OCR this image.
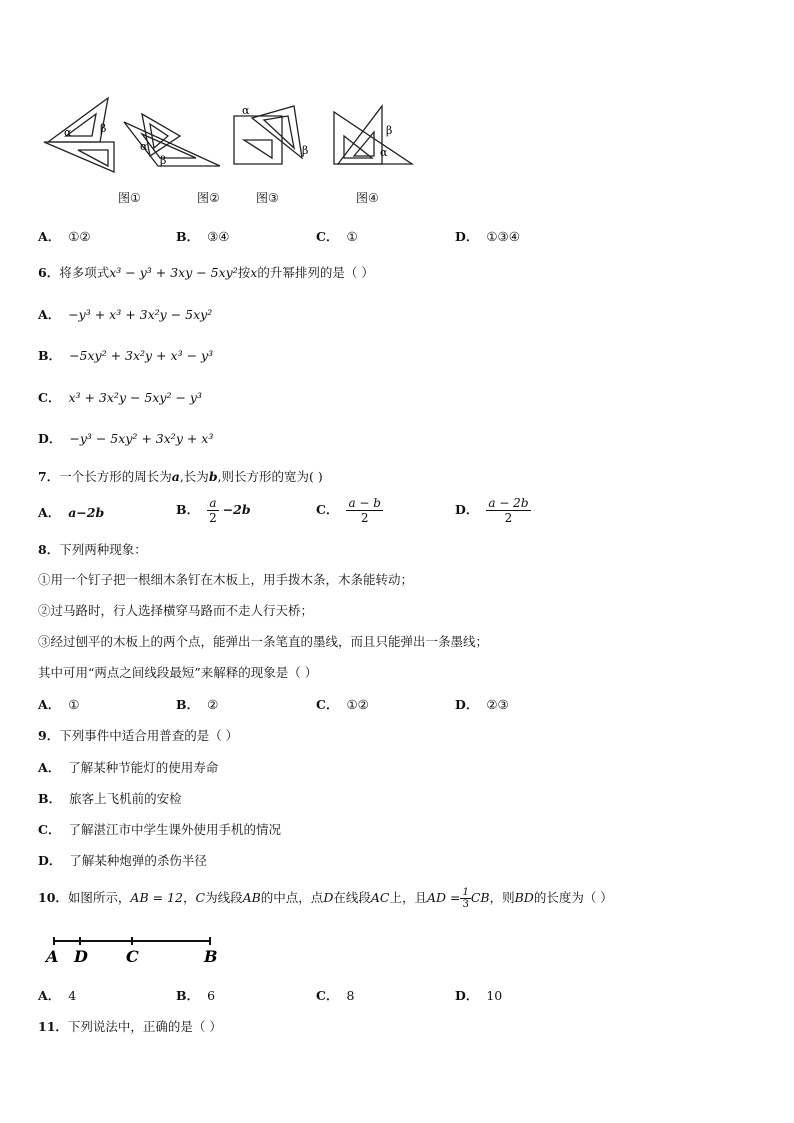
α	β
α
β
α
β
β
α
图①	图②	图③	图④
A． ①②	B． ③④	C． ①	D． ①③④
6．将多项式x³ − y³ + 3xy − 5xy²按x的升幂排列的是（ ）
A． −y³ + x³ + 3x²y − 5xy²
B． −5xy² + 3x²y + x³ − y³
C． x³ + 3x²y − 5xy² − y³
D． −y³ − 5xy² + 3x²y + x³
7．一个长方形的周长为a,长为b,则长方形的宽为( )
A． a−2b	B． $\frac{a}{2} -2b$	C． $\frac{a - b}{2}$	D． $\frac{a - 2b}{2}$
8．下列两种现象：
①用一个钉子把一根细木条钉在木板上，用手拨木条，木条能转动；
②过马路时，行人选择横穿马路而不走人行天桥；
③经过刨平的木板上的两个点，能弹出一条笔直的墨线，而且只能弹出一条墨线；
其中可用“两点之间线段最短”来解释的现象是（ ）
A． ①	B． ②	C． ①②	D． ②③
9．下列事件中适合用普查的是（ ）
A． 了解某种节能灯的使用寿命
B． 旅客上飞机前的安检
C． 了解湛江市中学生课外使用手机的情况
D． 了解某种炮弹的杀伤半径
10．如图所示，AB = 12，C为线段AB的中点，点D在线段AC上，且AD = $\frac{1}{3}$ CB，则BD的长度为（ ）
A D C	B
A． 4	B． 6	C． 8	D． 10
11．下列说法中，正确的是（ ）
